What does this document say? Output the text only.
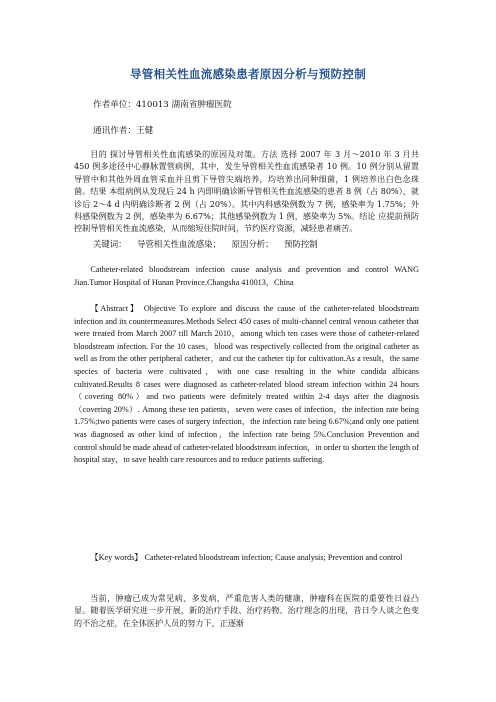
导管相关性血流感染患者原因分析与预防控制
作者单位：410013 湖南省肿瘤医院
通讯作者：王健

目的 探讨导管相关性血流感染的原因及对策。方法 选择 2007 年 3 月～2010 年 3 月共 450 例多途径中心静脉置管病例，其中，发生导管相关性血流感染者 10 例。10 例分别从留置导管中和其他外周血管采血并且剪下导管尖端培养，均培养出同种细菌，1 例培养出白色念珠菌。结果 本组病例从发现后 24 h 内即明确诊断导管相关性血流感染的患者 8 例（占 80%），就诊后 2～4 d 内明确诊断者 2 例（占 20%）。其中内科感染例数为 7 例，感染率为 1.75%；外科感染例数为 2 例，感染率为 6.67%；其他感染例数为 1 例，感染率为 5%。结论 应提前预防控制导管相关性血流感染，从而缩短住院时间，节约医疗资源，减轻患者痛苦。

关键词： 导管相关性血流感染； 原因分析； 预防控制

Catheter-related bloodstream infection cause analysis and prevention and control WANG Jian.Tumor Hospital of Hunan Province.Changsha 410013，China

【Abstract】 Objective To explore and discuss the cause of the catheter-related bloodstream infection and its countermeasures.Methods Select 450 cases of multi-channel central venous catheter that were treated from March 2007 till March 2010，among which ten cases were those of catheter-related bloodstream infection. For the 10 cases，blood was respectively collected from the original catheter as well as from the other peripheral catheter，and cut the catheter tip for cultivation.As a result，the same species of bacteria were cultivated，with one case resulting in the white candida albicans cultivated.Results 8 cases were diagnosed as catheter-related blood stream infection within 24 hours（covering 80%）and two patients were definitely treated within 2-4 days after the diagnosis （covering 20%）. Among these ten patients，seven were cases of infection，the infection rate being 1.75%;two patients were cases of surgery infection，the infection rate being 6.67%;and only one patient was diagnosed as other kind of infection，the infection rate being 5%.Conclusion Prevention and control should be made ahead of catheter-related bloodstream infection，in order to shorten the length of hospital stay，to save health care resources and to reduce patients suffering.

【Key words】 Catheter-related bloodstream infection; Cause analysis; Prevention and control

当前，肿瘤已成为常见病、多发病，严重危害人类的健康，肿瘤科在医院的重要性日益凸显。随着医学研究进一步开展，新的治疗手段、治疗药物、治疗理念的出现，昔日令人谈之色变的不治之症，在全体医护人员的努力下，正逐渐
